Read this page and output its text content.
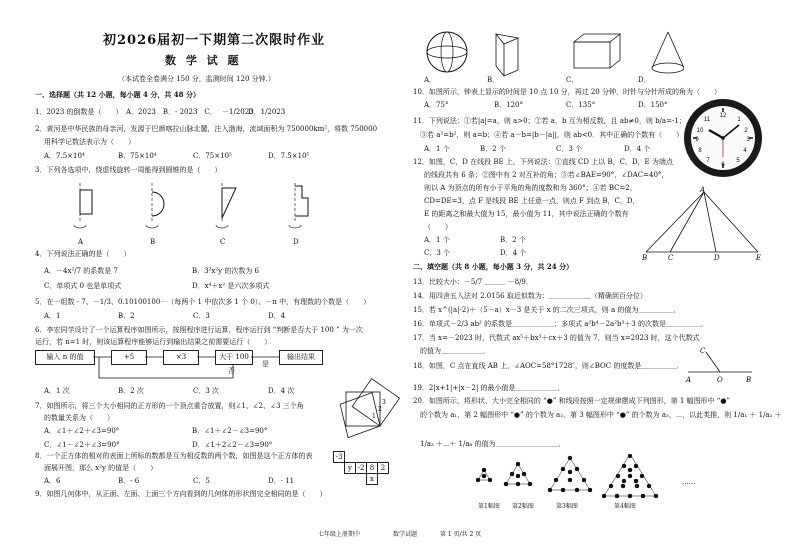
初2026届初一下期第二次限时作业
数 学 试 题
（本试卷全卷满分 150 分，监测时间 120 分钟.）
一、选择题（共 12 小题，每小题 4 分，共 48 分）
1．2023 的倒数是（　　）　A．2023　B．- 2023　C． －1/2023
D．1/2023
2．黄河是中华民族的母亲河，发源于巴颜喀拉山脉北麓，注入渤海，流域面积为 750000km²，将数 750000
用科学记数法表示为（　　）
A．7.5×10⁴	B．75×10⁴	C．75×10⁵	D．7.5×10⁵
3．下列各选项中，绕虚线旋转一周能得到圆锥的是（　　）
A	B	C	D
4．下列说法正确的是（　　）
A．－4x²/7 的系数是 7	B．3²x²y 的次数为 6
C．单项式 0 也是单项式	D．x⁴＋x² 是六次多项式
5．在一组数 - 7、－1/3、0.10100100⋯（每两个 1 中依次多 1 个 0）、－π 中，有理数的个数是（　　）
A．1	B．2	C．3	D．4
6．李宏同学设计了一个运算程序如图所示，按照程序进行运算，程序运行到 “判断是否大于 100 ” 为一次
运行，若 n=1 时，则该运算程序能够运行到输出结果之前需要运行（　　）
输入 n 的值	+5	×3	大于 100	输出结果
否
是
A．1 次	B．2 次	C．3 次	D．4 次
7．如图所示，将三个大小相同的正方形的一个顶点重合放置，则∠1、∠2、∠3 三个角
的数量关系为（　　）
A．∠1＋∠2＋∠3=90°	B．∠1＋∠2－∠3=90°
C．∠1－∠2＋∠3=90°	D．∠1＋2∠2－∠3=90°
1
2
3
8．一个正方体的相对的表面上所标的数都是互为相反数的两个数，如图是这个正方体的表
面展开图，那么 x²y 的值是（　　）
A．6	B．- 6	C．5	D．- 11
-3
y -2 8 2
x
9．如图几何体中，从正面、左面、上面三个方向看到的几何体的形状图完全相同的是（　　）
七年级上册期中	数学试题	第 1 页/共 2 页
A．	B．	C．	D．
10．如图所示，钟表上显示的时间是 10 点 10 分，再过 20 分钟，时针与分针所成的角为（　　）
A．75°	B．120°	C．135°	D．150°
12
1
2
3
4
5
6
7
8
9
10
11
11．下列说法：①若|a|=a，则 a>0；②若 a，b 互为相反数，且 ab≠0，则 b/a=-1；
③若 a²=b²，则 a=b；④若 a－b=|b－|a||，则 ab<0．其中正确的个数有（　　）
A．1 个	B．2 个	C．3 个	D．4 个
12．如图，C，D 在线段 BE 上，下列说法：①直线 CD 上以 B，C，D，E 为端点
的线段共有 6 条；②图中有 2 对互补的角；③若∠BAE=90°，∠DAC=40°，
则以 A 为顶点的所有小于平角的角的度数和为 360°；④若 BC=2，
CD=DE=3，点 F 是线段 BE 上任意一点，则点 F 到点 B，C，D，
E 的距离之和最大值为 15，最小值为 11，其中说法正确的个数有
（　　）
A．1 个	B．2 个
C．3 个	D．4 个
A
B	C	D	E
二、填空题（共 8 小题，每小题 3 分，共 24 分）
13．比较大小：－5/7 ＿＿＿ －8/9．
14．用四舍五入法对 2.0156 取近似数为：＿＿＿＿＿＿（精确到百分位）
15．若 x^(|a|-2)＋（5－a）x－3 是关于 x 的二次三项式，则 a 的值为＿＿＿＿＿．
16．单项式－2/3 ab² 的系数是＿＿＿＿＿＿；多项式 a²b⁴－2a²b³＋3 的次数是＿＿＿＿＿．
17．当 x=－2023 时，代数式 ax⁵＋bx³＋cx＋3 的值为 7，则当 x=2023 时，这个代数式
的值为＿＿＿＿＿＿．
18．如图，C 点在直线 AB 上，∠AOC=58°1728″，则∠BOC 的度数是＿＿＿＿＿．
C
A	O	B
19．2|x+1|+|x－2| 的最小值是＿＿＿＿＿＿．
20．如图所示，将形状、大小完全相同的 “●” 和线段按照一定规律摆成下列图形，第 1 幅图形中 “●”
的个数为 a₁，第 2 幅图形中 “●” 的个数为 a₂，第 3 幅图形中 “●” 的个数为 a₃，⋯，以此类推，则 1/a₁ ＋ 1/a₂ ＋
1/a₃ ＋⋯＋ 1/a₈ 的值为＿＿＿＿＿＿＿＿＿．
第1幅图 第2幅图	第3幅图	第4幅图
......
